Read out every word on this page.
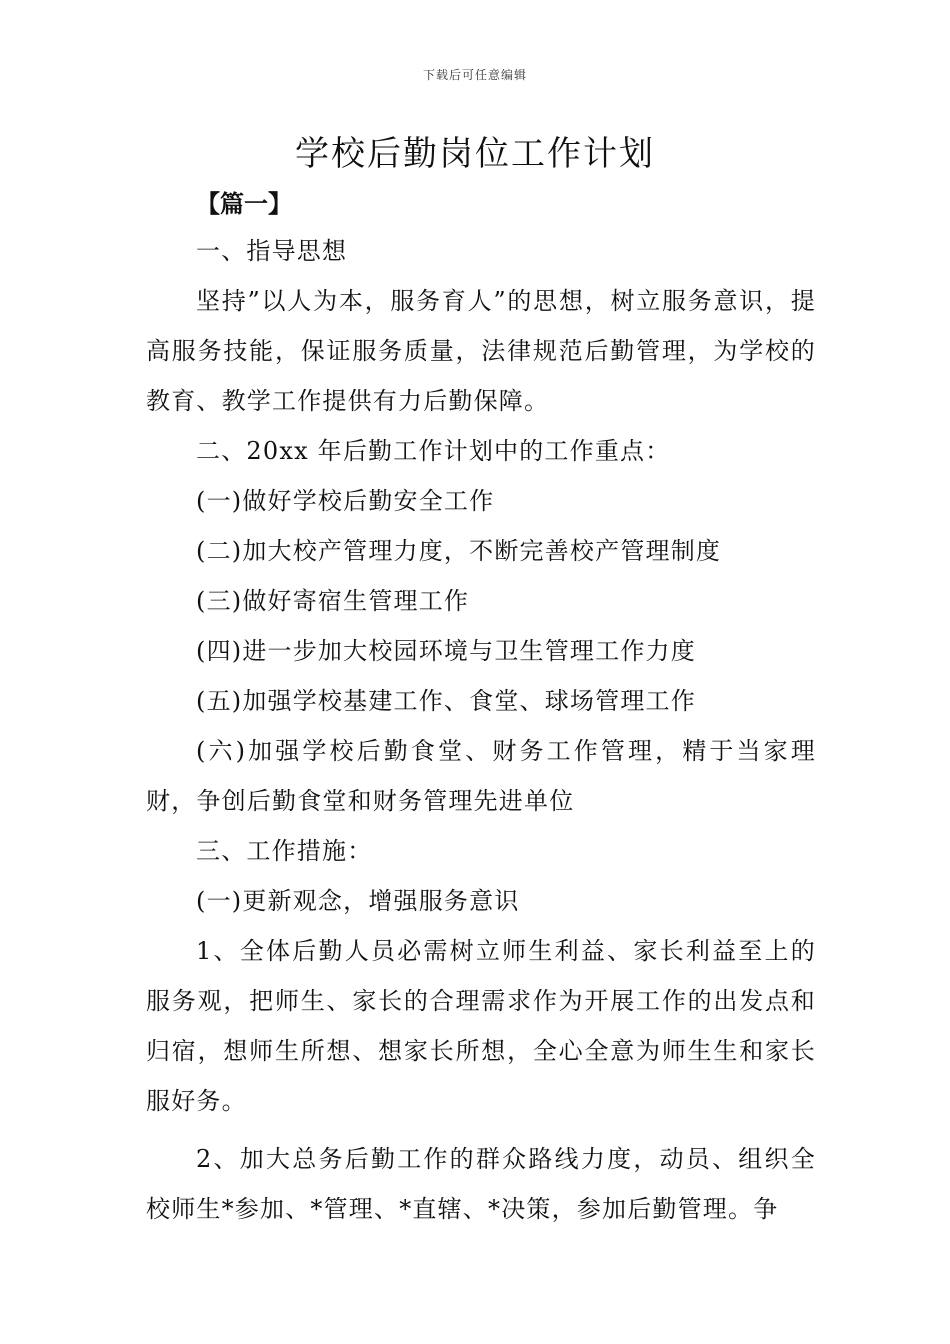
下载后可任意编辑
学校后勤岗位工作计划
【篇一】

一、指导思想

坚持”以人为本，服务育人”的思想，树立服务意识，提高服务技能，保证服务质量，法律规范后勤管理，为学校的教育、教学工作提供有力后勤保障。

二、20xx 年后勤工作计划中的工作重点：

(一)做好学校后勤安全工作

(二)加大校产管理力度，不断完善校产管理制度

(三)做好寄宿生管理工作

(四)进一步加大校园环境与卫生管理工作力度

(五)加强学校基建工作、食堂、球场管理工作

(六)加强学校后勤食堂、财务工作管理，精于当家理财，争创后勤食堂和财务管理先进单位

三、工作措施：

(一)更新观念，增强服务意识

1、全体后勤人员必需树立师生利益、家长利益至上的服务观，把师生、家长的合理需求作为开展工作的出发点和归宿，想师生所想、想家长所想，全心全意为师生生和家长服好务。

2、加大总务后勤工作的群众路线力度，动员、组织全校师生*参加、*管理、*直辖、*决策，参加后勤管理。争
